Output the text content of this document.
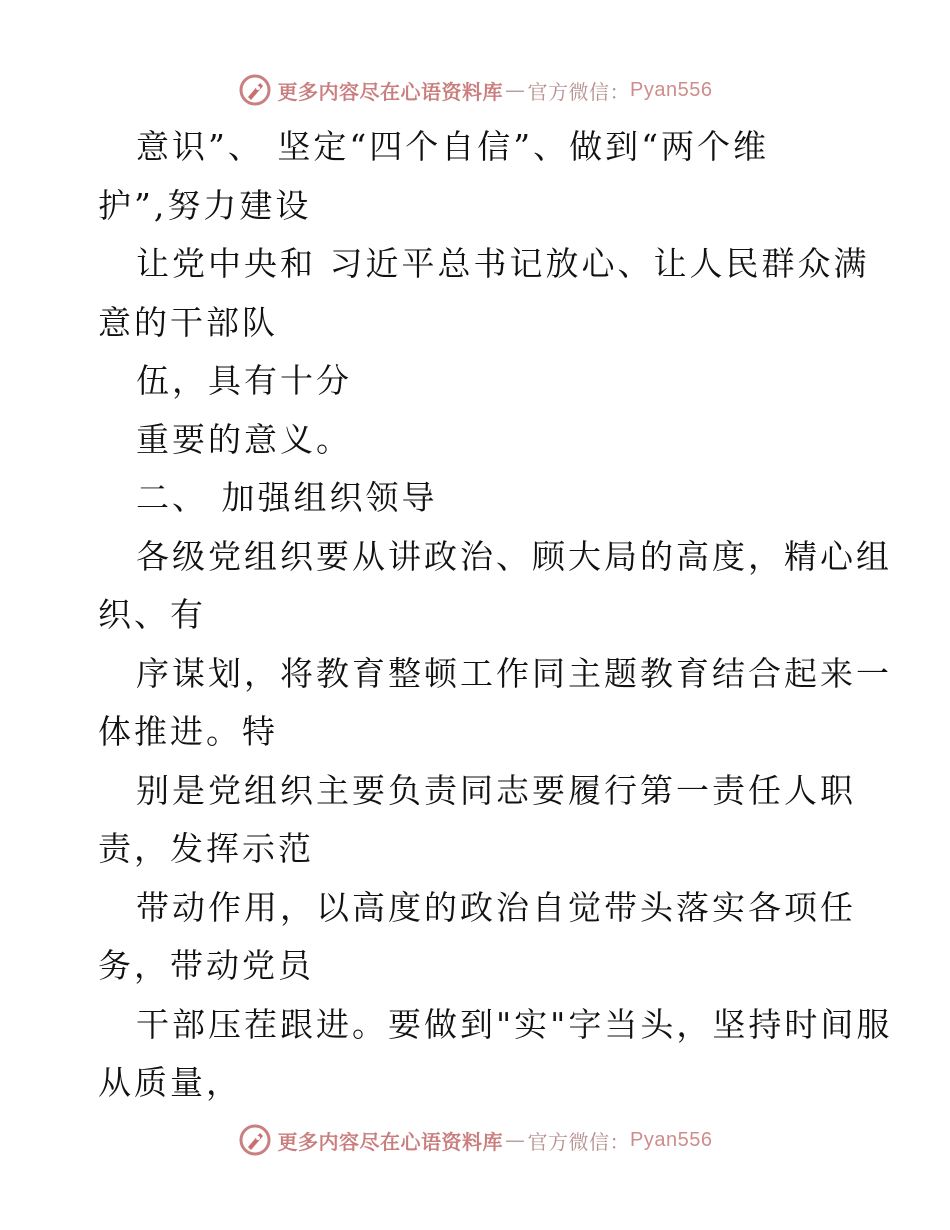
更多内容尽在心语资料库 — 官方微信： Pyan556
意识”、 坚定“四个自信”、做到“两个维
护”,努力建设
让党中央和 习近平总书记放心、让人民群众满
意的干部队
伍，具有十分
重要的意义。
二、 加强组织领导
各级党组织要从讲政治、顾大局的高度，精心组
织、有
序谋划，将教育整顿工作同主题教育结合起来一
体推进。特
别是党组织主要负责同志要履行第一责任人职
责，发挥示范
带动作用，以高度的政治自觉带头落实各项任
务，带动党员
干部压茬跟进。要做到"实"字当头，坚持时间服
从质量，
更多内容尽在心语资料库 — 官方微信： Pyan556
